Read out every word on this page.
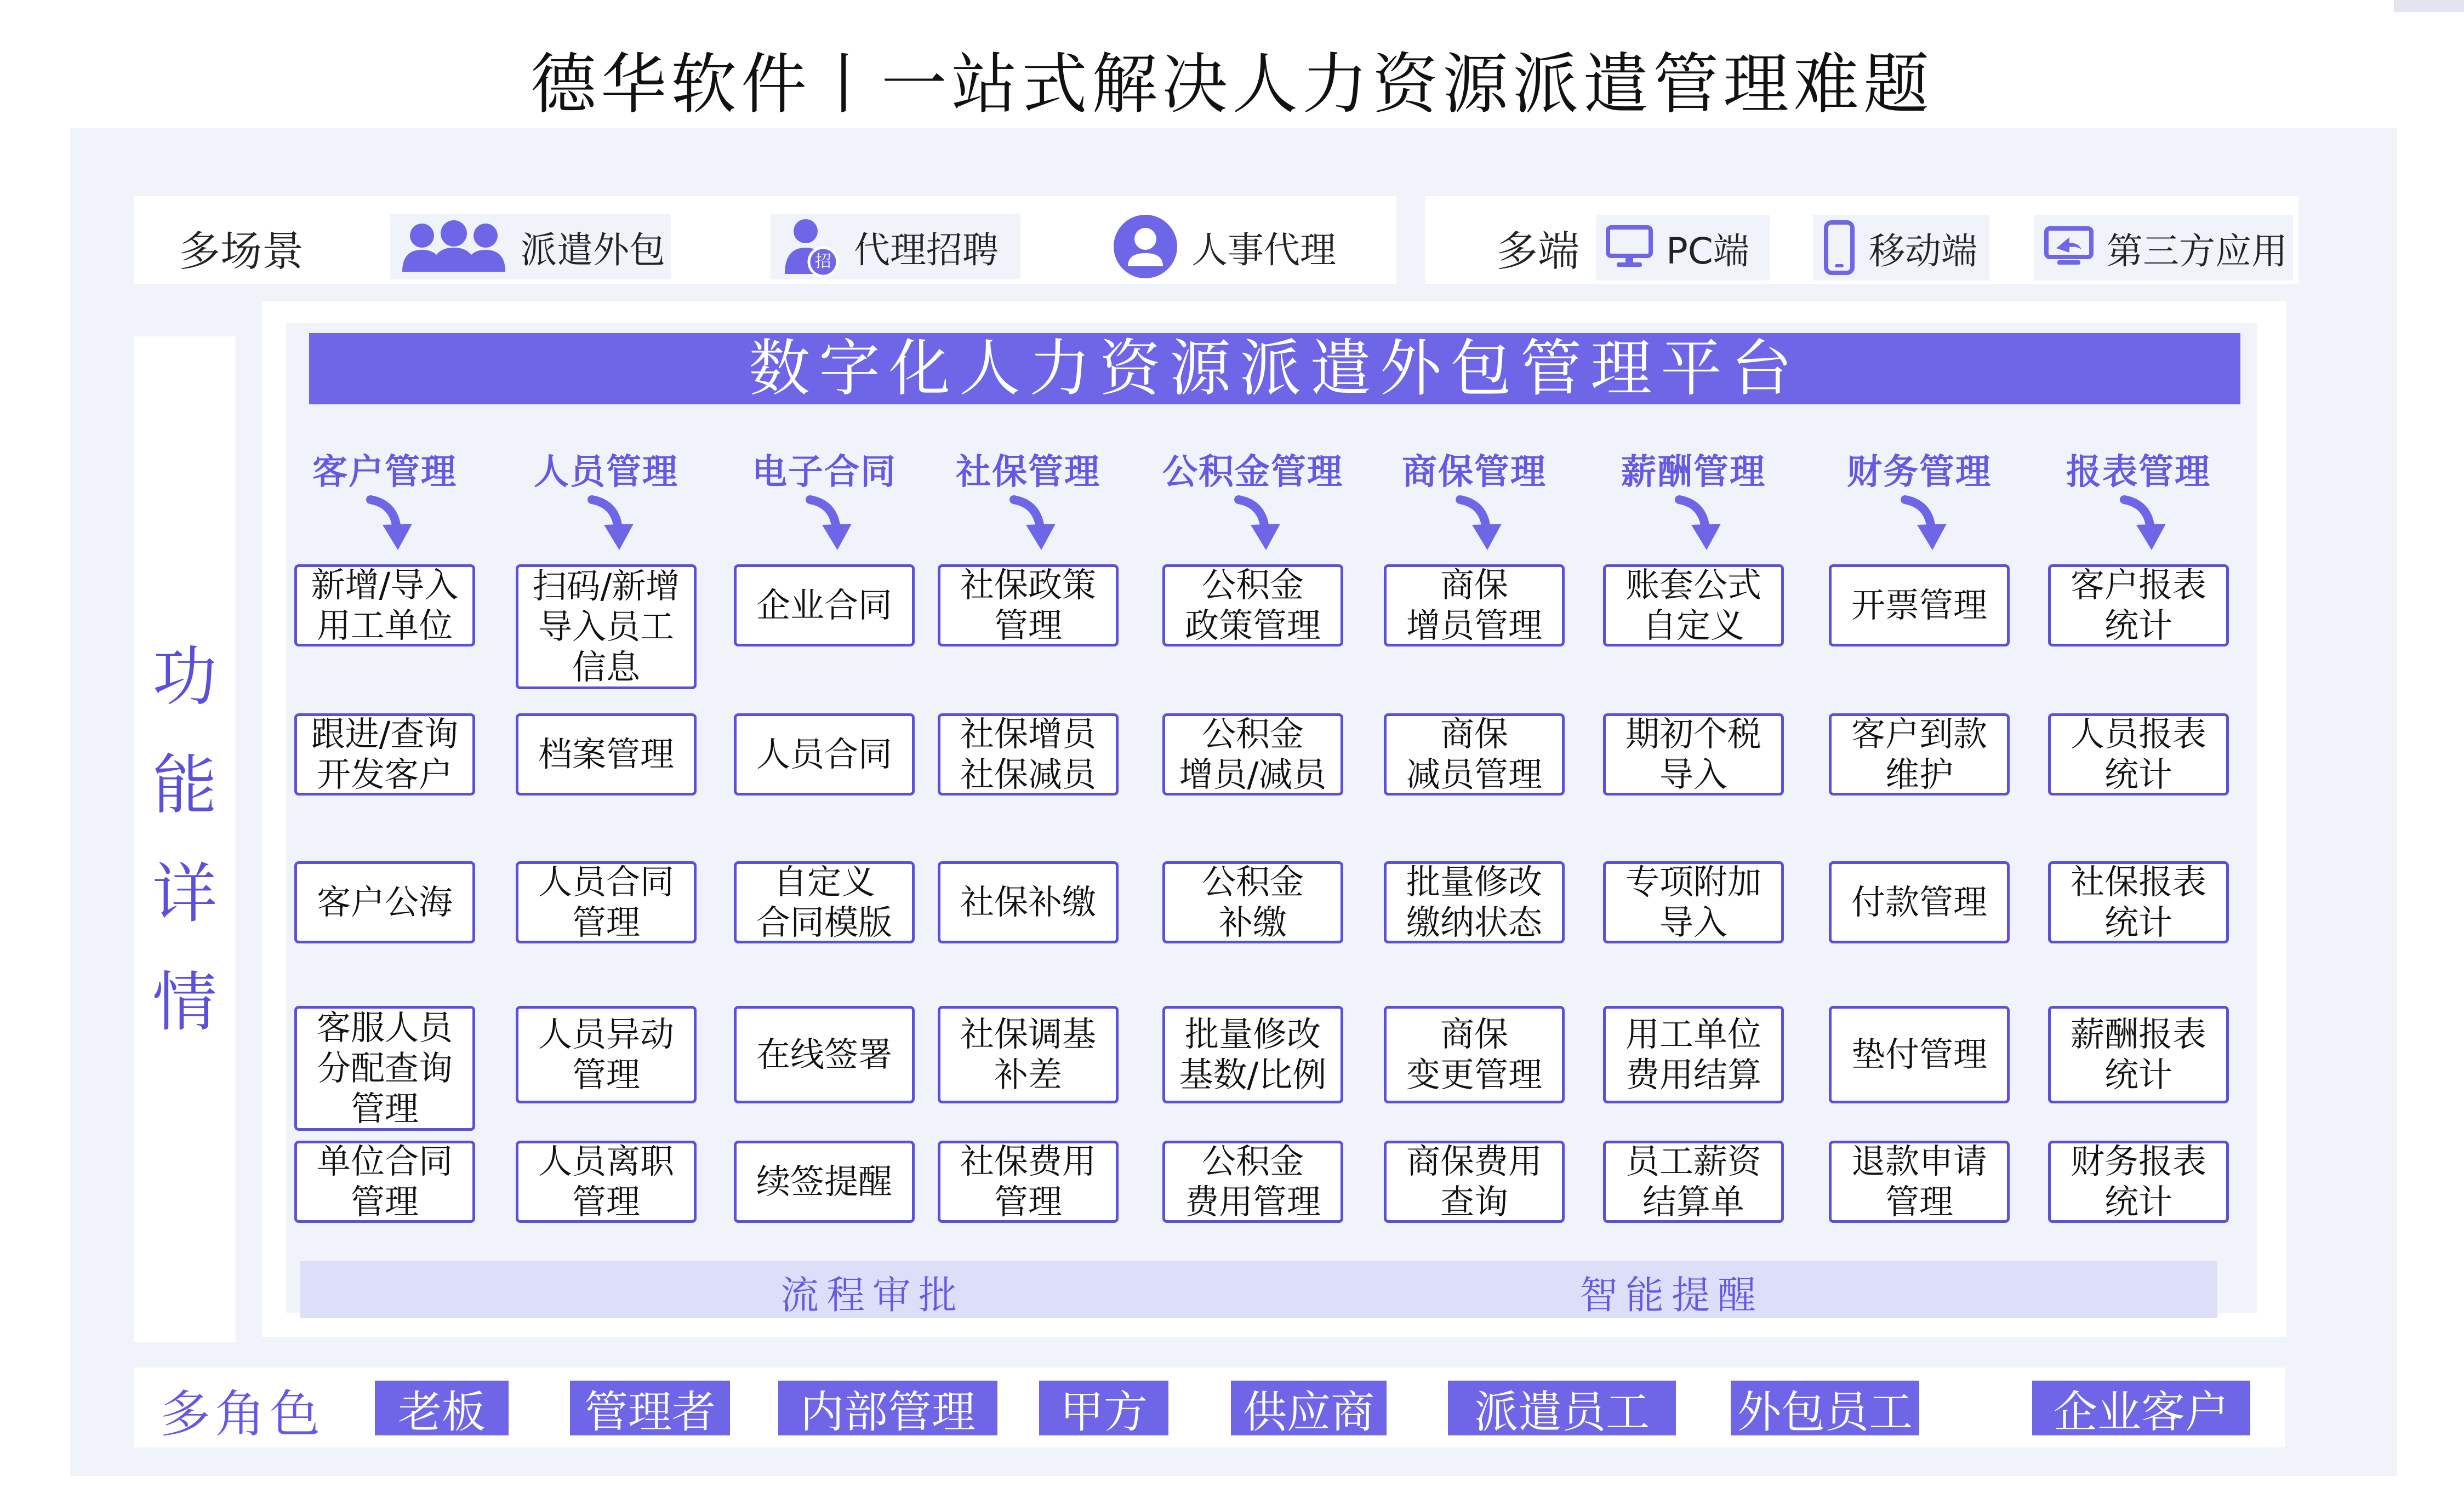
德华软件丨一站式解决人力资源派遣管理难题
多场景	派遣外包	招 代理招聘	人事代理	多端 PC端	移动端	第三方应用
功能详情
数字化人力资源派遣外包管理平台
客户管理
新增/导入
用工单位
跟进/查询
开发客户
客户公海
客服人员
分配查询
管理
单位合同
管理
人员管理
扫码/新增
导入员工
信息
档案管理
人员合同
管理
人员异动
管理
人员离职
管理
电子合同
企业合同
人员合同
自定义
合同模版
在线签署
续签提醒
社保管理
社保政策
管理
社保增员
社保减员
社保补缴
社保调基
补差
社保费用
管理
公积金管理
公积金
政策管理
公积金
增员/减员
公积金
补缴
批量修改
基数/比例
公积金
费用管理
商保管理
商保
增员管理
商保
减员管理
批量修改
缴纳状态
商保
变更管理
商保费用
查询
薪酬管理
账套公式
自定义
期初个税
导入
专项附加
导入
用工单位
费用结算
员工薪资
结算单
财务管理
开票管理
客户到款
维护
付款管理
垫付管理
退款申请
管理
报表管理
客户报表
统计
人员报表
统计
社保报表
统计
薪酬报表
统计
财务报表
统计
流程审批	智能提醒
多角色	老板	管理者	内部管理	甲方	供应商	派遣员工	外包员工	企业客户
